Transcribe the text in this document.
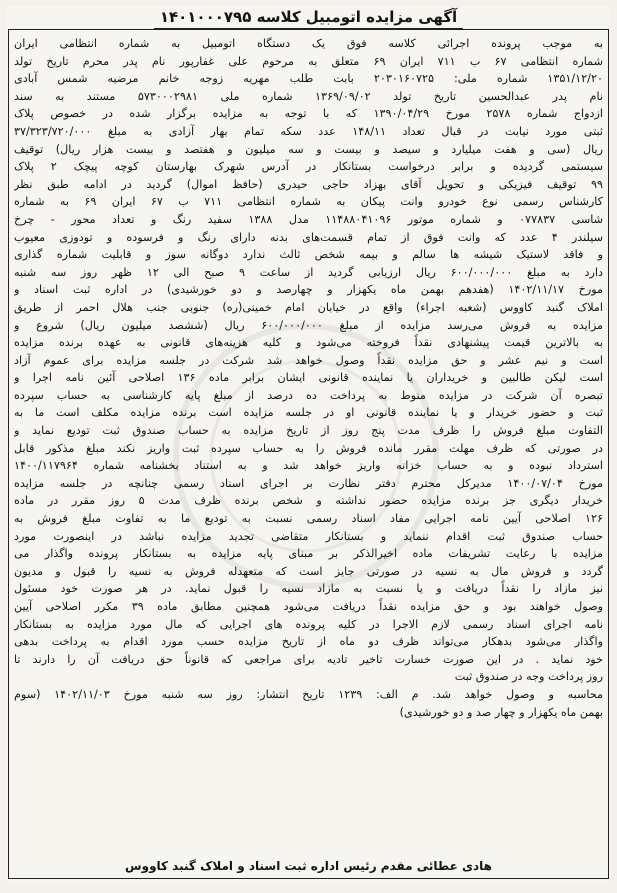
آگهی مزایده اتومبیل کلاسه ۱۴۰۱۰۰۰۷۹۵
به موجب پرونده اجرائی کلاسه فوق یک دستگاه اتومبیل به شماره انتظامی ایران
شماره انتظامی ۶۷ ب ۷۱۱ ایران ۶۹ متعلق به مرحوم علی غفارپور نام پدر محرم تاریخ تولد
۱۳۵۱/۱۲/۲۰ شماره ملی: ۲۰۳۰۱۶۰۷۲۵ بابت طلب مهریه زوجه خانم مرضیه شمس آبادی
نام پدر عبدالحسین تاریخ تولد ۱۳۶۹/۰۹/۰۲ شماره ملی ۵۷۳۰۰۰۲۹۸۱ مستند به سند
ازدواج شماره ۲۵۷۸ مورخ ۱۳۹۰/۰۴/۲۹ که با توجه به مزایده برگزار شده در خصوص پلاک
ثبتی مورد نیابت در قبال تعداد ۱۴۸/۱۱ عدد سکه تمام بهار آزادی به مبلغ ۳۷/۳۲۳/۷۲۰/۰۰۰
ریال (سی و هفت میلیارد و سیصد و بیست و سه میلیون و هفتصد و بیست هزار ریال) توقیف
سیستمی گردیده و برابر درخواست بستانکار در آدرس شهرک بهارستان کوچه پیچک ۲ پلاک
۹۹ توقیف فیزیکی و تحویل آقای بهزاد حاجی حیدری (حافظ اموال) گردید در ادامه طبق نظر
کارشناس رسمی نوع خودرو وانت پیکان به شماره انتظامی ۷۱۱ ب ۶۷ ایران ۶۹ به شماره
شاسی ۰۷۷۸۳۷ و شماره موتور ۱۱۴۸۸۰۴۱۰۹۶ مدل ۱۳۸۸ سفید رنگ و تعداد محور - چرخ
سیلندر ۴ عدد که وانت فوق از تمام قسمت‌های بدنه دارای رنگ و فرسوده و تودوزی معیوب
و فاقد لاستیک شیشه ها سالم و بیمه شخص ثالث ندارد دوگانه سوز و قابلیت شماره گذاری
دارد به مبلغ ۶۰۰/۰۰۰/۰۰۰ ریال ارزیابی گردید از ساعت ۹ صبح الی ۱۲ ظهر روز سه شنبه
مورخ ۱۴۰۲/۱۱/۱۷ (هفدهم بهمن ماه یکهزار و چهارصد و دو خورشیدی) در اداره ثبت اسناد و
املاک گنبد کاووس (شعبه اجراء) واقع در خیابان امام خمینی(ره) جنوبی جنب هلال احمر از طریق
مزایده به فروش می‌رسد مزایده از مبلغ ۶۰۰/۰۰۰/۰۰۰ ریال (ششصد میلیون ریال) شروع و
به بالاترین قیمت پیشنهادی نقداً فروخته می‌شود و کلیه هزینه‌های قانونی به عهده برنده مزایده
است و نیم عشر و حق مزایده نقداً وصول خواهد شد شرکت در جلسه مزایده برای عموم آزاد
است لیکن طالبین و خریداران یا نماینده قانونی ایشان برابر ماده ۱۳۶ اصلاحی آئین نامه اجرا و
تبصره آن شرکت در مزایده منوط به پرداخت ده درصد از مبلغ پایه کارشناسی به حساب سپرده
ثبت و حضور خریدار و یا نماینده قانونی او در جلسه مزایده است برنده مزایده مکلف است ما به
التفاوت مبلغ فروش را ظرف مدت پنج روز از تاریخ مزایده به حساب صندوق ثبت تودیع نماید و
در صورتی که ظرف مهلت مقرر مانده فروش را به حساب سپرده ثبت واریز نکند مبلغ مذکور قابل
استرداد نبوده و به حساب خزانه واریز خواهد شد و به استناد بخشنامه شماره ۱۴۰۰/۱۱۷۹۶۴
مورخ ۱۴۰۰/۰۷/۰۴ مدیرکل محترم دفتر نظارت بر اجرای اسناد رسمی چنانچه در جلسه مزایده
خریدار دیگری جز برنده مزایده حضور نداشته و شخص برنده ظرف مدت ۵ روز مقرر در ماده
۱۲۶ اصلاحی آیین نامه اجرایی مفاد اسناد رسمی نسبت به تودیع ما به تفاوت مبلغ فروش به
حساب صندوق ثبت اقدام ننماید و بستانکار متقاضی تجدید مزایده نباشد در اینصورت مورد
مزایده با رعایت تشریفات ماده اخیرالذکر بر مبنای پایه مزایده به بستانکار پرونده واگذار می
گردد و فروش مال به نسیه در صورتی جایز است که متعهدله فروش به نسیه را قبول و مدیون
نیز مازاد را نقداً دریافت و یا نسبت به مازاد نسیه را قبول نماید. در هر صورت خود مسئول
وصول خواهند بود و حق مزایده نقداً دریافت می‌شود همچنین مطابق ماده ۳۹ مکرر اصلاحی آیین
نامه اجرای اسناد رسمی لازم الاجرا در کلیه پرونده های اجرایی که مال مورد مزایده به بستانکار
واگذار می‌شود بدهکار می‌تواند ظرف دو ماه از تاریخ مزایده حسب مورد اقدام به پرداخت بدهی
خود نماید . در این صورت خسارت تاخیر تادیه برای مراجعی که قانوناً حق دریافت آن را دارند تا
روز پرداخت وجه در صندوق ثبت
محاسبه و وصول خواهد شد. م الف: ۱۲۳۹ تاریخ انتشار: روز سه شنبه مورخ ۱۴۰۲/۱۱/۰۳ (سوم
بهمن ماه یکهزار و چهار صد و دو خورشیدی)
هادی عطائی مقدم رئیس اداره ثبت اسناد و املاک گنبد کاووس
